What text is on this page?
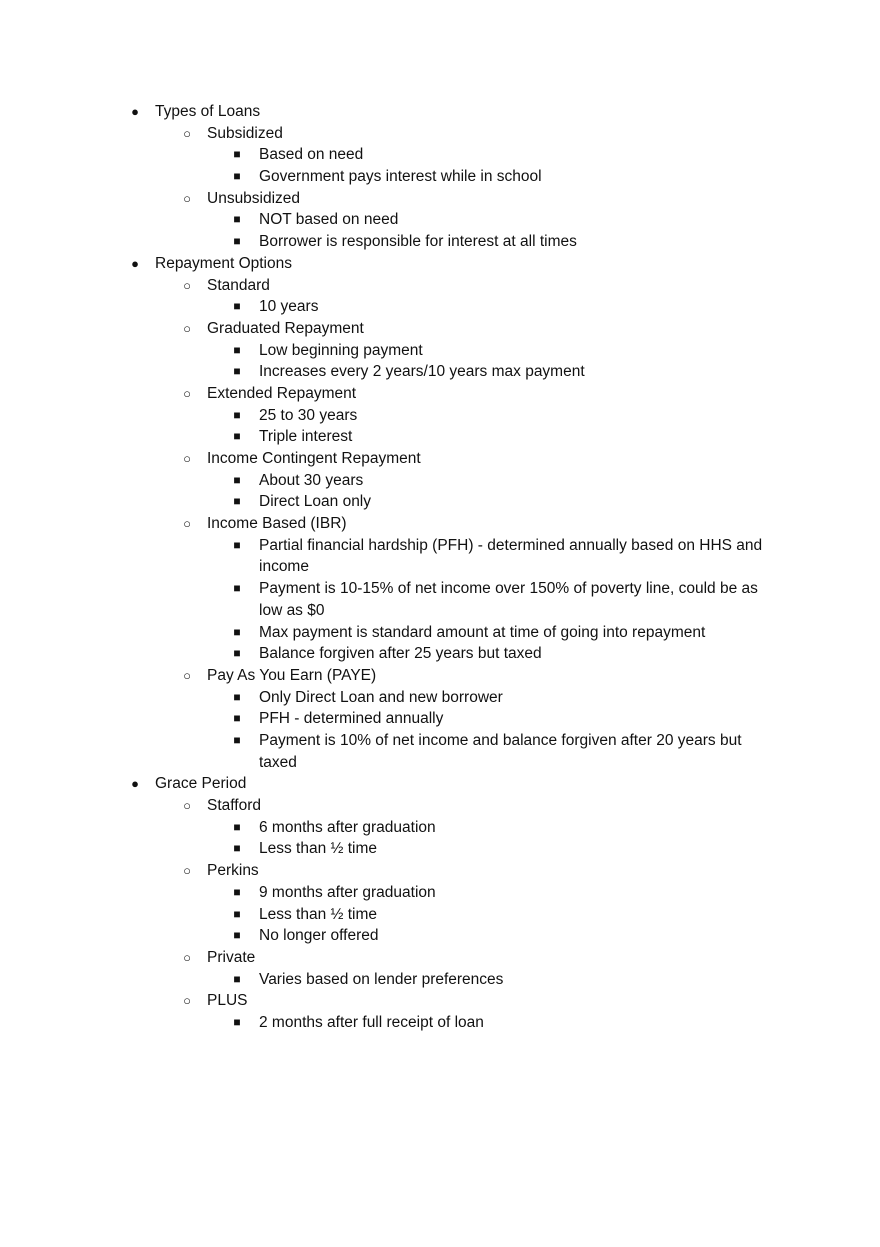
● Types of Loans
○ Subsidized
■ Based on need
■ Government pays interest while in school
○ Unsubsidized
■ NOT based on need
■ Borrower is responsible for interest at all times
● Repayment Options
○ Standard
■ 10 years
○ Graduated Repayment
■ Low beginning payment
■ Increases every 2 years/10 years max payment
○ Extended Repayment
■ 25 to 30 years
■ Triple interest
○ Income Contingent Repayment
■ About 30 years
■ Direct Loan only
○ Income Based (IBR)
■ Partial financial hardship (PFH) - determined annually based on HHS and income
■ Payment is 10-15% of net income over 150% of poverty line, could be as low as $0
■ Max payment is standard amount at time of going into repayment
■ Balance forgiven after 25 years but taxed
○ Pay As You Earn (PAYE)
■ Only Direct Loan and new borrower
■ PFH - determined annually
■ Payment is 10% of net income and balance forgiven after 20 years but taxed
● Grace Period
○ Stafford
■ 6 months after graduation
■ Less than ½ time
○ Perkins
■ 9 months after graduation
■ Less than ½ time
■ No longer offered
○ Private
■ Varies based on lender preferences
○ PLUS
■ 2 months after full receipt of loan
